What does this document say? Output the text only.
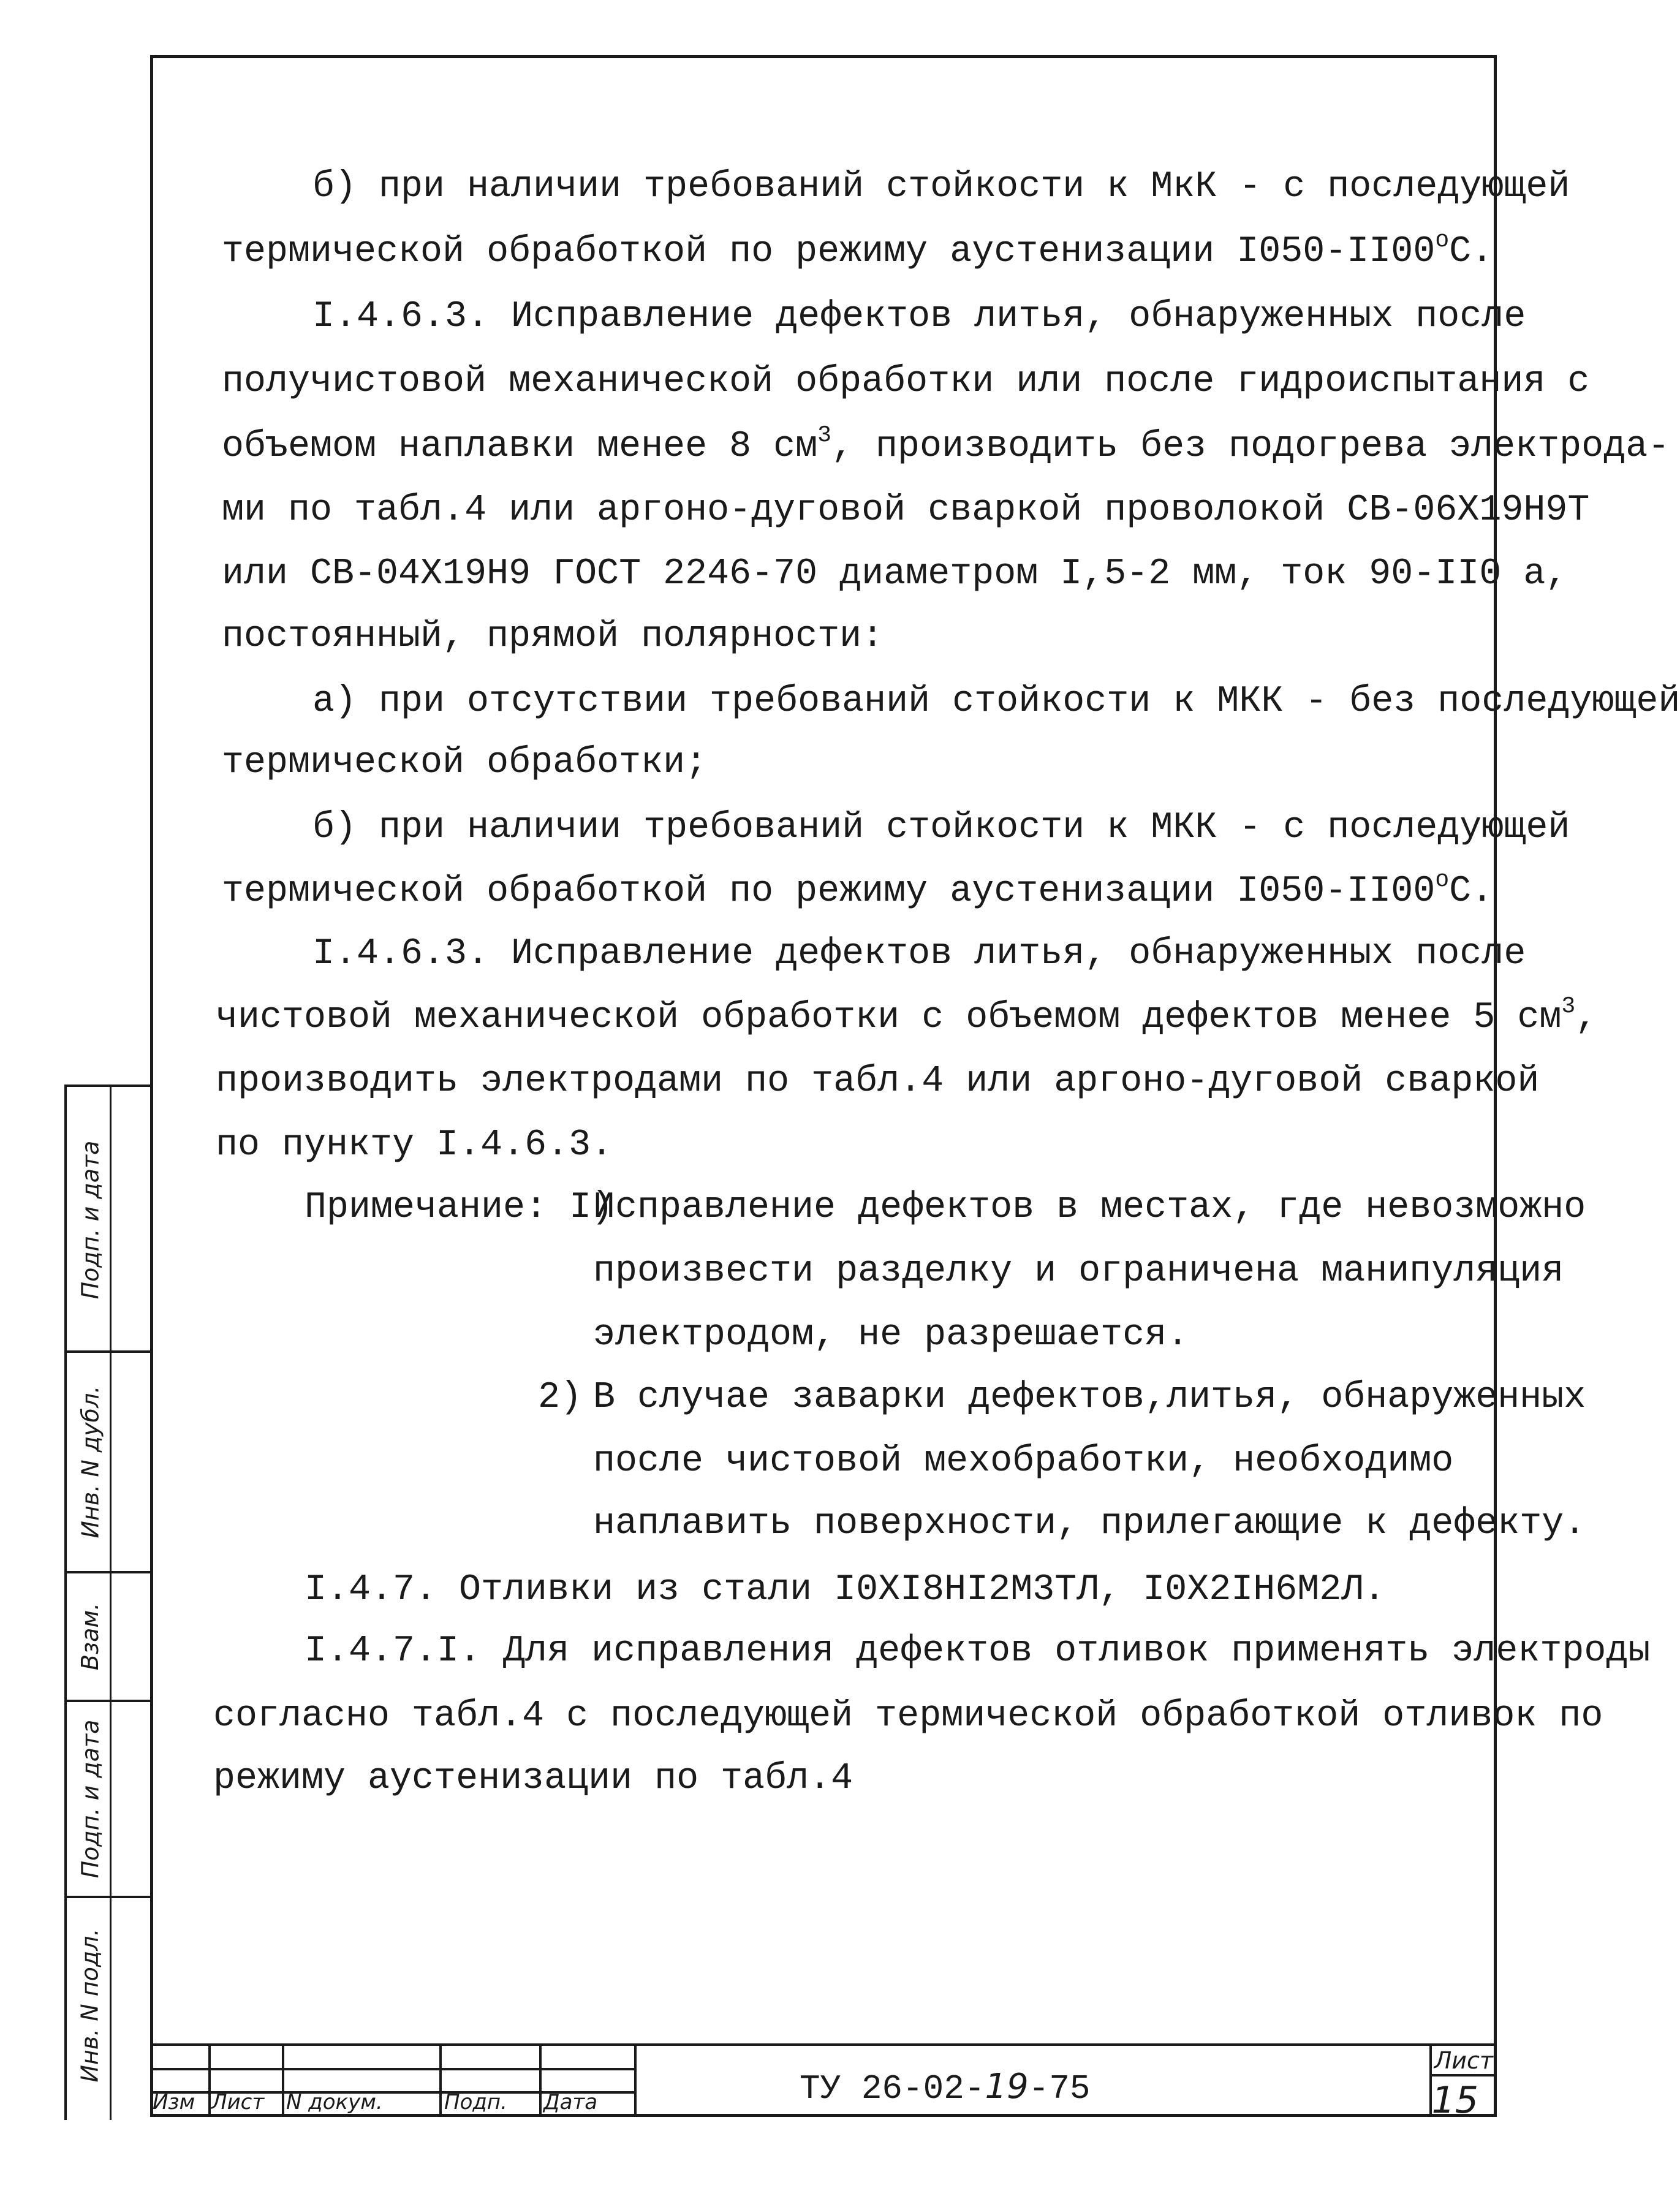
б) при наличии требований стойкости к МкК - с последующей
термической обработкой по режиму аустенизации $I050-II00^оС$.
I.4.6.3. Исправление дефектов литья, обнаруженных после
получистовой механической обработки или после гидроиспытания с
объемом наплавки менее 8 $см^3$, производить без подогрева электрода-
ми по табл.4 или аргоно-дуговой сваркой проволокой СВ-06Х19Н9Т
или СВ-04Х19Н9 ГОСТ 2246-70 диаметром I,5-2 мм, ток 90-II0 а,
постоянный, прямой полярности:
а) при отсутствии требований стойкости к МКК - без последующей
термической обработки;
б) при наличии требований стойкости к МКК - с последующей
термической обработкой по режиму аустенизации $I050-II00^оС$.
I.4.6.3. Исправление дефектов литья, обнаруженных после
чистовой механической обработки с объемом дефектов менее 5 $см^3$,
производить электродами по табл.4 или аргоно-дуговой сваркой
по пункту I.4.6.3.
Примечание: I)
Исправление дефектов в местах, где невозможно
произвести разделку и ограничена манипуляция
электродом, не разрешается.
2) В случае заварки дефектов,литья, обнаруженных
после чистовой мехобработки, необходимо
наплавить поверхности, прилегающие к дефекту.
I.4.7. Отливки из стали I0ХI8НI2М3ТЛ, I0Х2IН6М2Л.
I.4.7.I. Для исправления дефектов отливок применять электроды
согласно табл.4 с последующей термической обработкой отливок по
режиму аустенизации по табл.4
Подп. и дата
Инв. N дубл.
Взам.
Подп. и дата
Инв. N подл.
Изм Лист N докум.	Подп. Дата	ТУ 26-02-19-75
Лист
15
